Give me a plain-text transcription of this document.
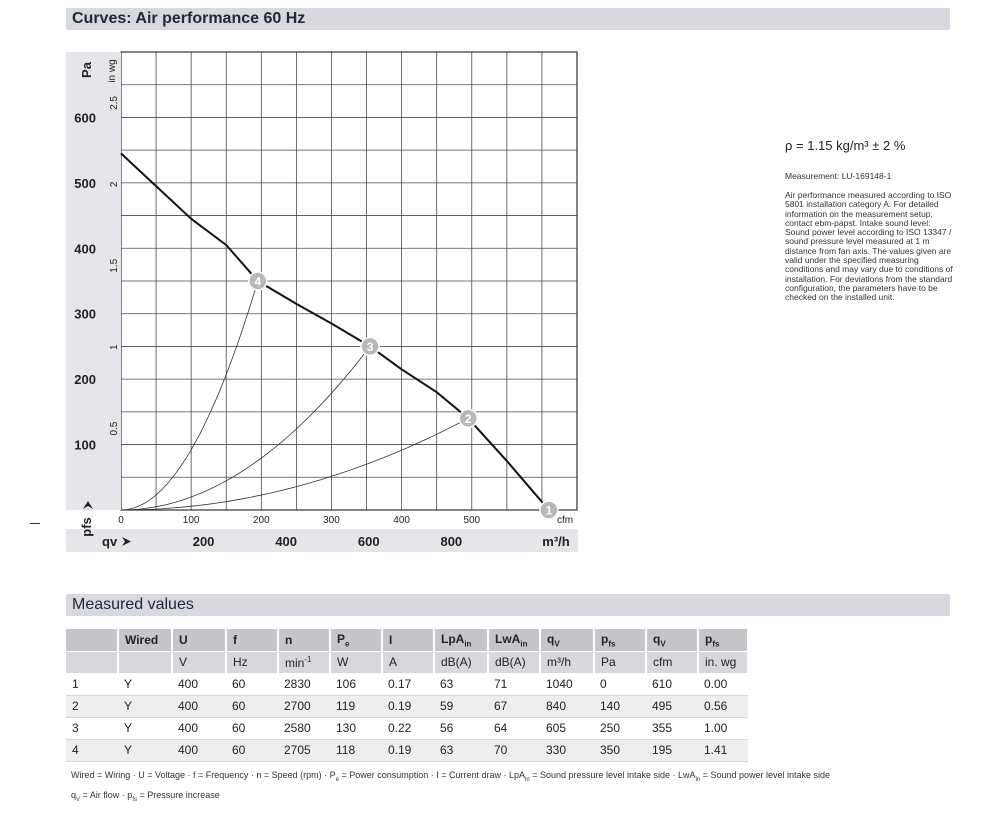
Curves: Air performance 60 Hz
100
200
300
400
500
600
Pa in wg
0.5
1
1.5
2
2.5
pfs 0	100	200	300	400	500	cfm
200	400	600	800	m³/h
qv
1
2
3
4
ρ = 1.15 kg/m³ ± 2 %
Measurement: LU-169148-1
Air performance measured according to ISO
5801 installation category A. For detailed
information on the measurement setup,
contact ebm-papst. Intake sound level:
Sound power level according to ISO 13347 /
sound pressure level measured at 1 m
distance from fan axis. The values given are
valid under the specified measuring
conditions and may vary due to conditions of
installation. For deviations from the standard
configuration, the parameters have to be
checked on the installed unit.
Measured values
	Wired	U	f	n	$P_e$	I	LpA$_{in}$	LwA$_{in}$	$q_V$	$p_{fs}$	$q_V$	$p_{fs}$
		V	Hz	$\min^{-1}$	W	A	dB(A)	dB(A)	m³/h	Pa	cfm	in. wg
1	Y	400	60	2830	106	0.17	63	71	1040	0	610	0.00
2	Y	400	60	2700	119	0.19	59	67	840	140	495	0.56
3	Y	400	60	2580	130	0.22	56	64	605	250	355	1.00
4	Y	400	60	2705	118	0.19	63	70	330	350	195	1.41
Wired = Wiring · U = Voltage · f = Frequency · n = Speed $(rpm) \cdot P_e$ = Power consumption · I = Current draw · LpA$_{in}$ = Sound pressure level intake side · LwA$_{in}$ = Sound power level intake side
$q_V$ = Air flow · $p_{fs}$ = Pressure increase
